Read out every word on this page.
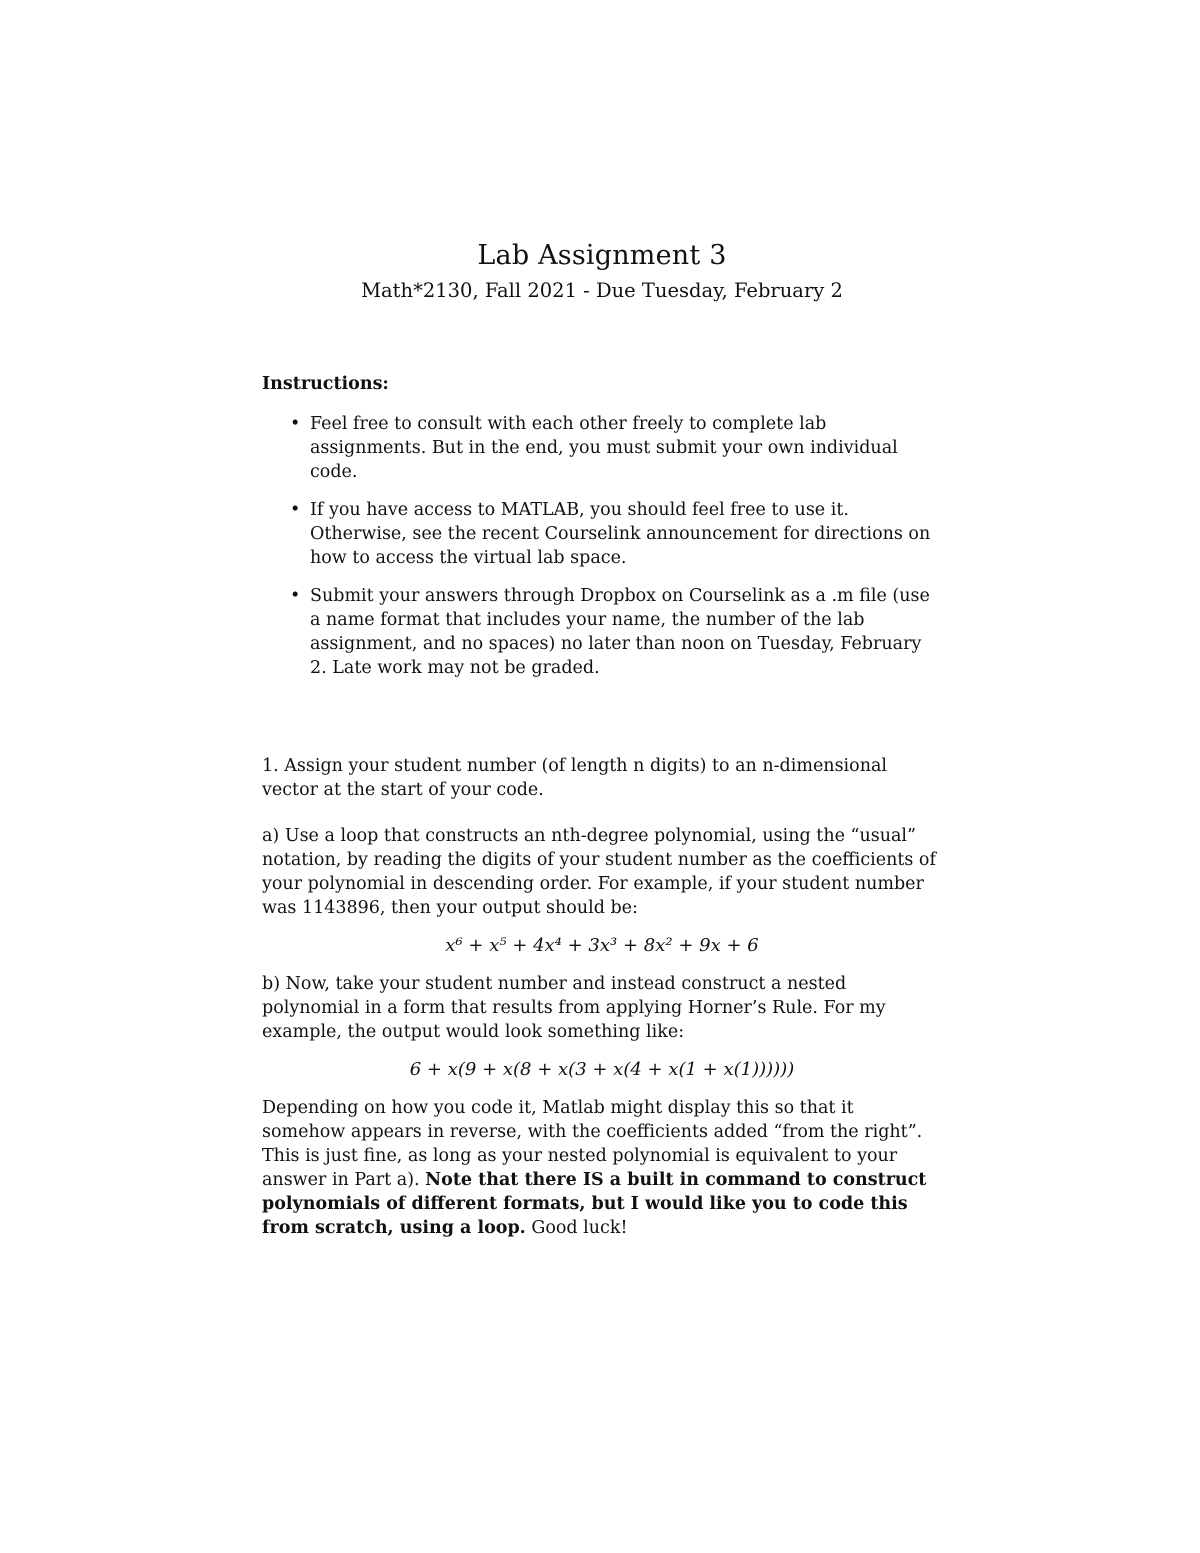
Lab Assignment 3
Math*2130, Fall 2021 - Due Tuesday, February 2
Instructions:
• Feel free to consult with each other freely to complete lab assignments. But in the end, you must submit your own individual code.
• If you have access to MATLAB, you should feel free to use it. Otherwise, see the recent Courselink announcement for directions on how to access the virtual lab space.
• Submit your answers through Dropbox on Courselink as a .m file (use a name format that includes your name, the number of the lab assignment, and no spaces) no later than noon on Tuesday, February 2. Late work may not be graded.

1. Assign your student number (of length n digits) to an n-dimensional vector at the start of your code.

a) Use a loop that constructs an nth-degree polynomial, using the “usual” notation, by reading the digits of your student number as the coefficients of your polynomial in descending order. For example, if your student number was 1143896, then your output should be:

x⁶ + x⁵ + 4x⁴ + 3x³ + 8x² + 9x + 6

b) Now, take your student number and instead construct a nested polynomial in a form that results from applying Horner’s Rule. For my example, the output would look something like:

6 + x(9 + x(8 + x(3 + x(4 + x(1 + x(1))))))

Depending on how you code it, Matlab might display this so that it somehow appears in reverse, with the coefficients added “from the right”. This is just fine, as long as your nested polynomial is equivalent to your answer in Part a). Note that there IS a built in command to construct polynomials of different formats, but I would like you to code this from scratch, using a loop. Good luck!
